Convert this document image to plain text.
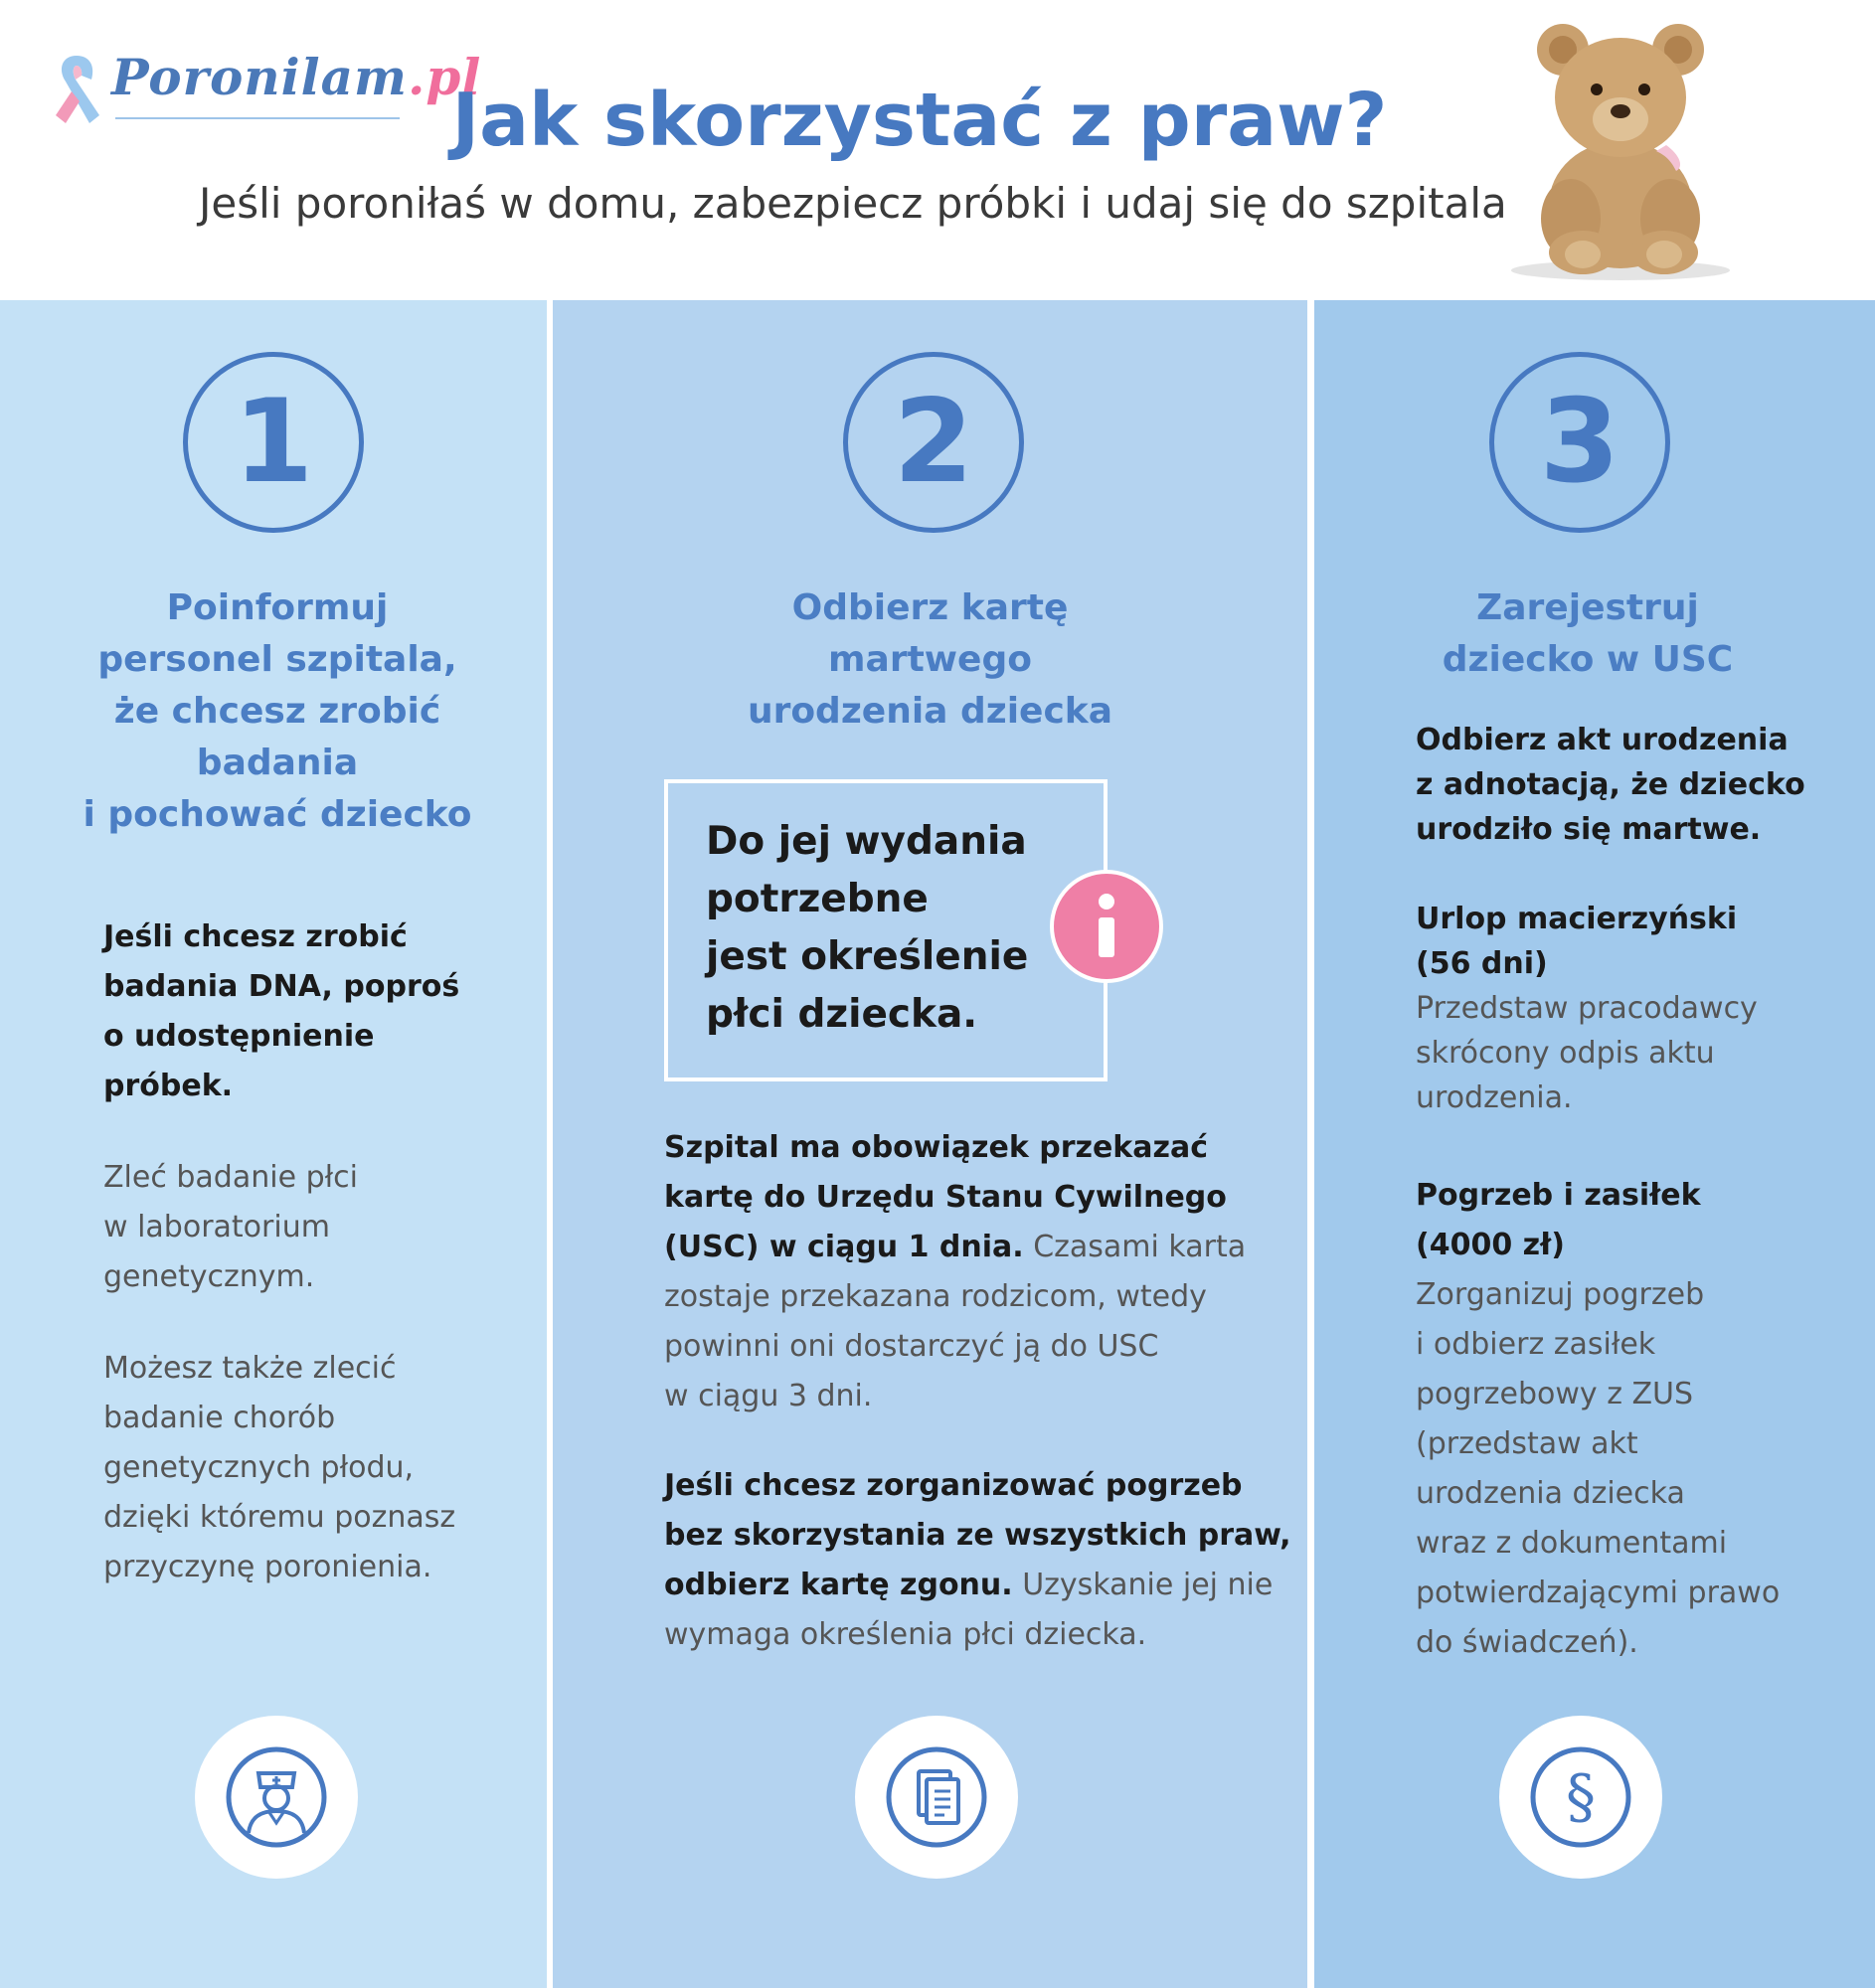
Poronilam.pl
Jak skorzystać z praw?

Jeśli poroniłaś w domu, zabezpiecz próbki i udaj się do szpitala

1
Poinformuj
personel szpitala,
że chcesz zrobić
badania
i pochować dziecko

Jeśli chcesz zrobić
badania DNA, poproś
o udostępnienie
próbek.

Zleć badanie płci
w laboratorium
genetycznym.

Możesz także zlecić
badanie chorób
genetycznych płodu,
dzięki któremu poznasz
przyczynę poronienia.

2
Odbierz kartę
martwego
urodzenia dziecka

Do jej wydania
potrzebne
jest określenie
płci dziecka.

Szpital ma obowiązek przekazać
kartę do Urzędu Stanu Cywilnego
(USC) w ciągu 1 dnia. Czasami karta
zostaje przekazana rodzicom, wtedy
powinni oni dostarczyć ją do USC
w ciągu 3 dni.

Jeśli chcesz zorganizować pogrzeb
bez skorzystania ze wszystkich praw,
odbierz kartę zgonu. Uzyskanie jej nie
wymaga określenia płci dziecka.

3
Zarejestruj
dziecko w USC

Odbierz akt urodzenia
z adnotacją, że dziecko
urodziło się martwe.

Urlop macierzyński
(56 dni)
Przedstaw pracodawcy
skrócony odpis aktu
urodzenia.

Pogrzeb i zasiłek
(4000 zł)
Zorganizuj pogrzeb
i odbierz zasiłek
pogrzebowy z ZUS
(przedstaw akt
urodzenia dziecka
wraz z dokumentami
potwierdzającymi prawo
do świadczeń).

§
